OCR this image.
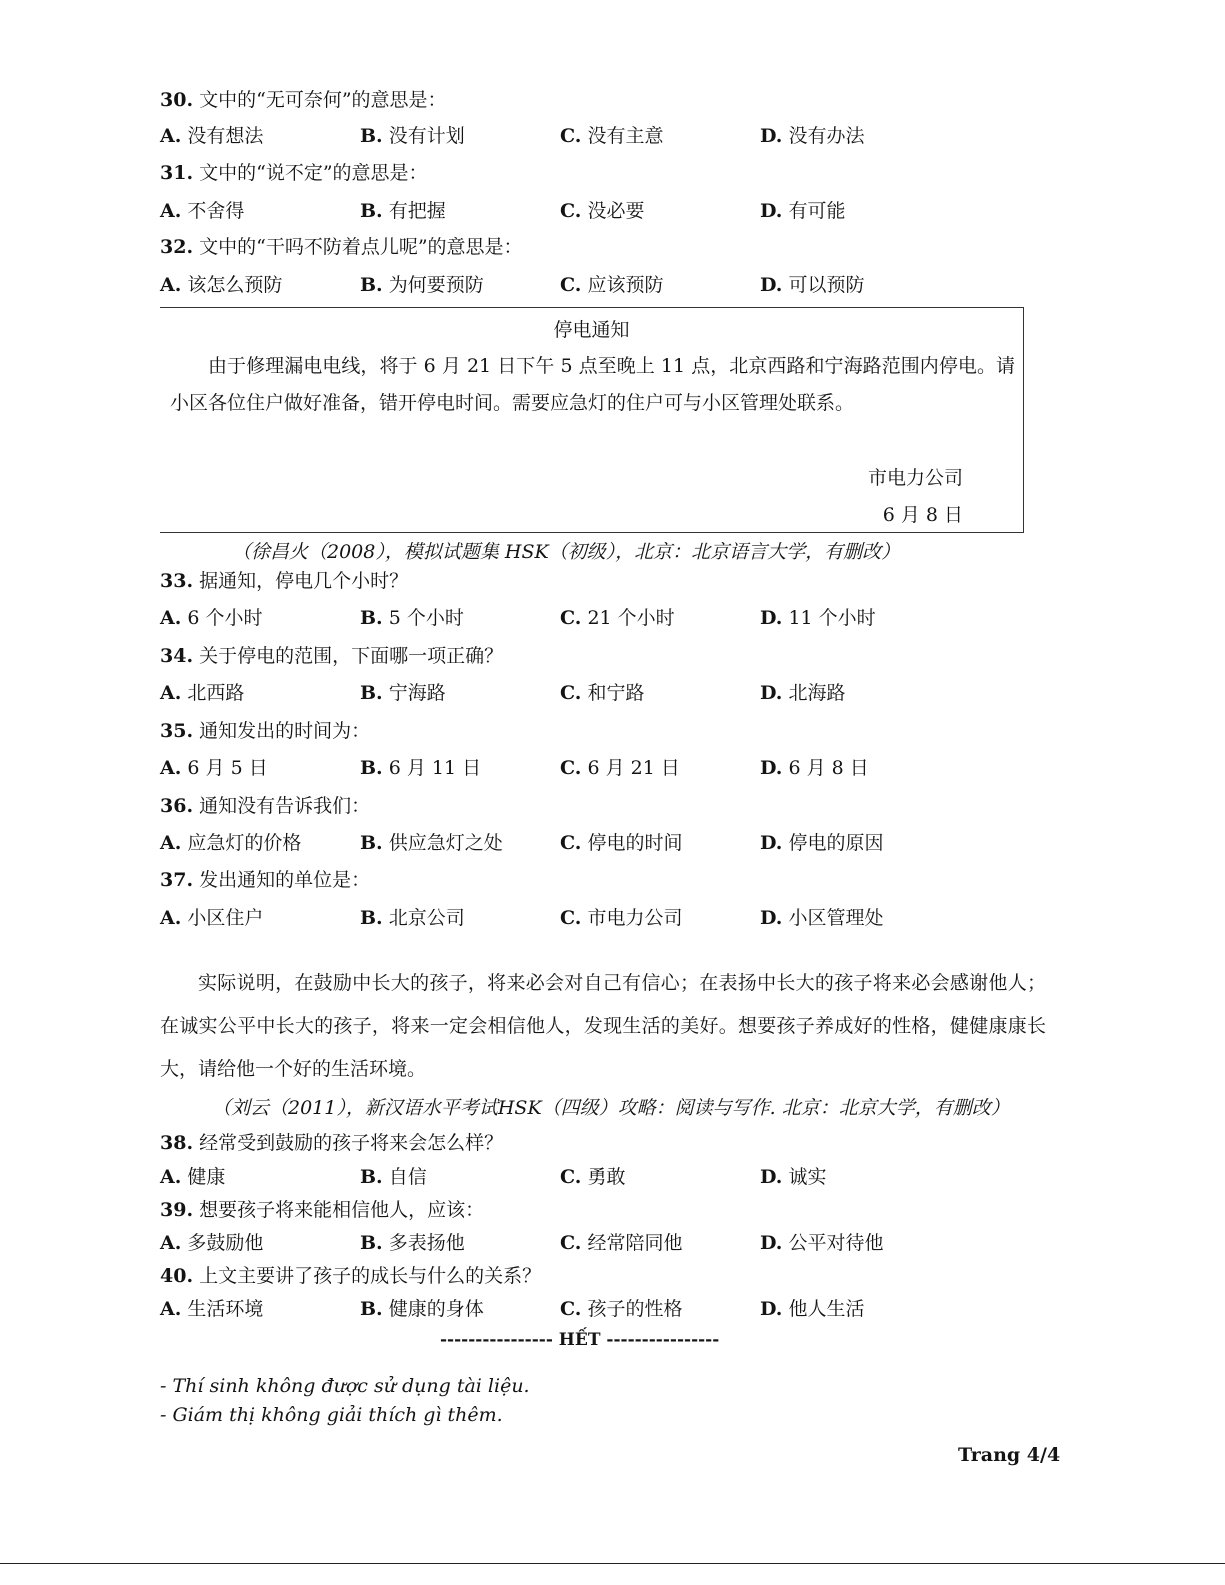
30. 文中的“无可奈何”的意思是：
A. 没有想法	B. 没有计划	C. 没有主意	D. 没有办法
31. 文中的“说不定”的意思是：
A. 不舍得	B. 有把握	C. 没必要	D. 有可能
32. 文中的“干吗不防着点儿呢”的意思是：
A. 该怎么预防	B. 为何要预防	C. 应该预防	D. 可以预防
停电通知
由于修理漏电电线，将于 6 月 21 日下午 5 点至晚上 11 点，北京西路和宁海路范围内停电。请小区各位住户做好准备，错开停电时间。需要应急灯的住户可与小区管理处联系。
市电力公司
6 月 8 日
（徐昌火（2008），模拟试题集 HSK（初级），北京：北京语言大学，有删改）
33. 据通知，停电几个小时？
A. 6 个小时	B. 5 个小时	C. 21 个小时	D. 11 个小时
34. 关于停电的范围，下面哪一项正确？
A. 北西路	B. 宁海路	C. 和宁路	D. 北海路
35. 通知发出的时间为：
A. 6 月 5 日	B. 6 月 11 日	C. 6 月 21 日	D. 6 月 8 日
36. 通知没有告诉我们：
A. 应急灯的价格	B. 供应急灯之处	C. 停电的时间	D. 停电的原因
37. 发出通知的单位是：
A. 小区住户	B. 北京公司	C. 市电力公司	D. 小区管理处
实际说明，在鼓励中长大的孩子，将来必会对自己有信心；在表扬中长大的孩子将来必会感谢他人；在诚实公平中长大的孩子，将来一定会相信他人，发现生活的美好。想要孩子养成好的性格，健健康康长大，请给他一个好的生活环境。
（刘云（2011），新汉语水平考试HSK（四级）攻略：阅读与写作. 北京：北京大学，有删改）
38. 经常受到鼓励的孩子将来会怎么样？
A. 健康	B. 自信	C. 勇敢	D. 诚实
39. 想要孩子将来能相信他人，应该：
A. 多鼓励他	B. 多表扬他	C. 经常陪同他	D. 公平对待他
40. 上文主要讲了孩子的成长与什么的关系？
A. 生活环境	B. 健康的身体	C. 孩子的性格	D. 他人生活
---------------- HẾT ----------------
- Thí sinh không được sử dụng tài liệu.
- Giám thị không giải thích gì thêm.
Trang 4/4
